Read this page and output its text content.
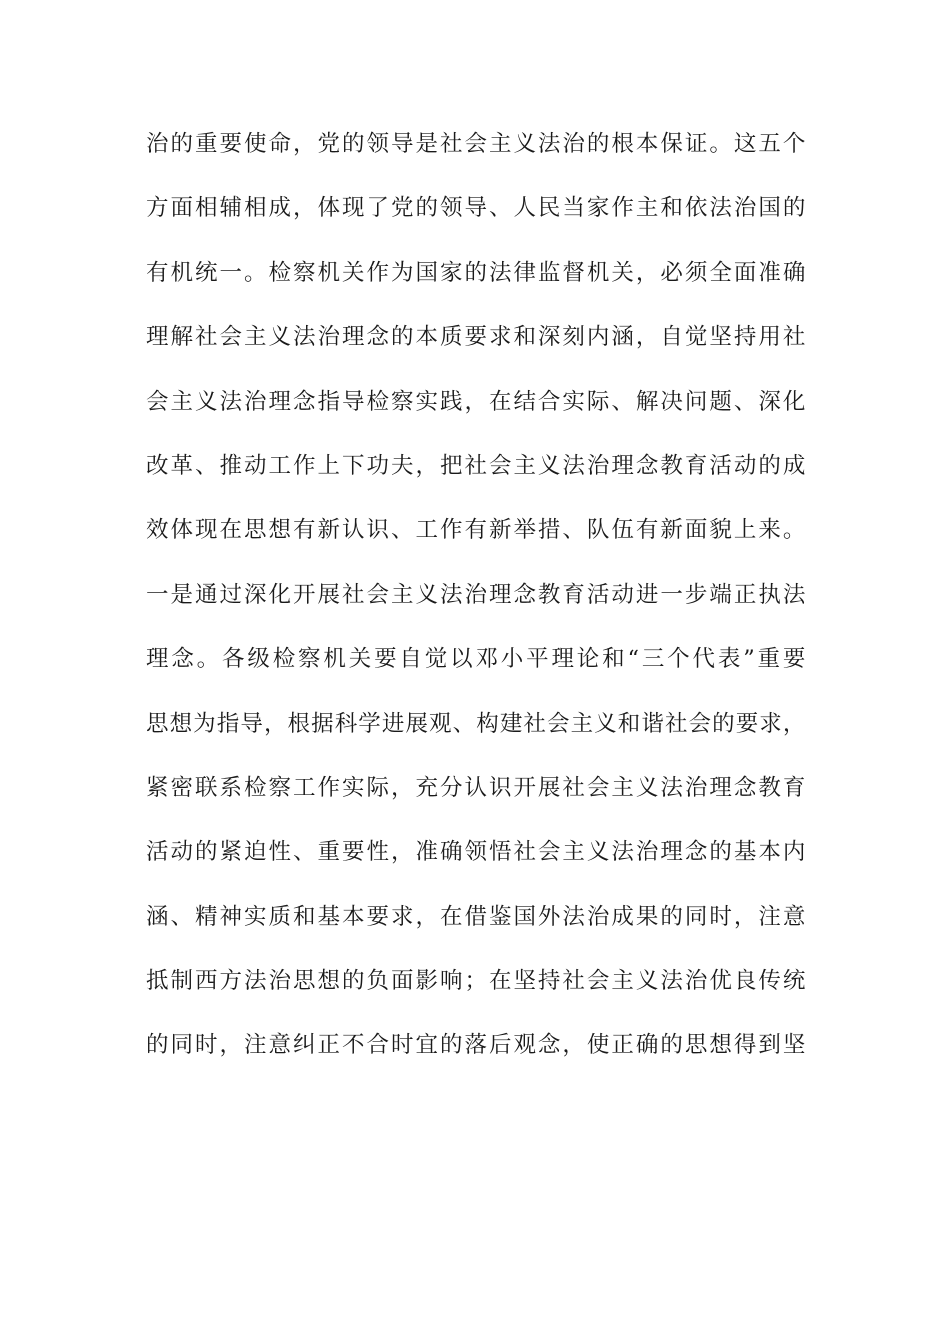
治的重要使命，党的领导是社会主义法治的根本保证。这五个
方面相辅相成，体现了党的领导、人民当家作主和依法治国的
有机统一。检察机关作为国家的法律监督机关，必须全面准确
理解社会主义法治理念的本质要求和深刻内涵，自觉坚持用社
会主义法治理念指导检察实践，在结合实际、解决问题、深化
改革、推动工作上下功夫，把社会主义法治理念教育活动的成
效体现在思想有新认识、工作有新举措、队伍有新面貌上来。
一是通过深化开展社会主义法治理念教育活动进一步端正执法
理念。各级检察机关要自觉以邓小平理论和“三个代表”重要
思想为指导，根据科学进展观、构建社会主义和谐社会的要求，
紧密联系检察工作实际，充分认识开展社会主义法治理念教育
活动的紧迫性、重要性，准确领悟社会主义法治理念的基本内
涵、精神实质和基本要求，在借鉴国外法治成果的同时，注意
抵制西方法治思想的负面影响；在坚持社会主义法治优良传统
的同时，注意纠正不合时宜的落后观念，使正确的思想得到坚
